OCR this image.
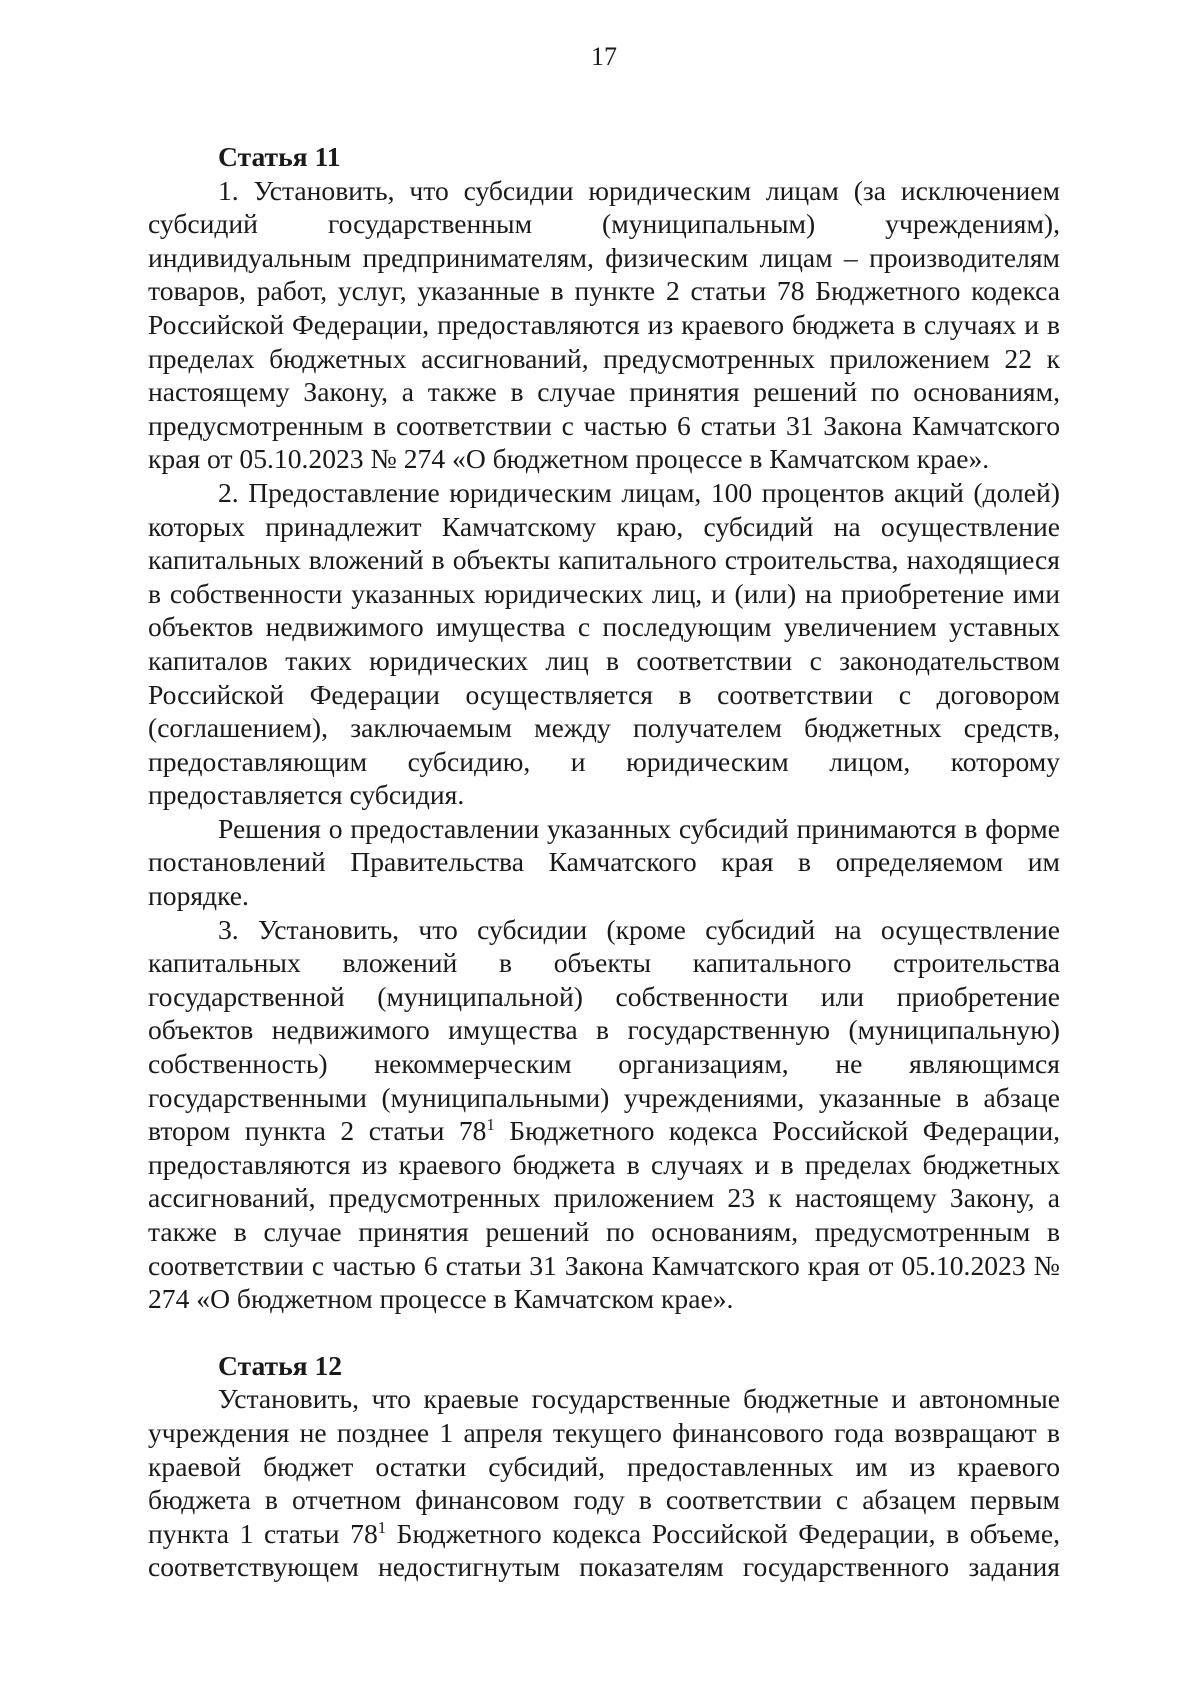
17
Статья 11

1. Установить, что субсидии юридическим лицам (за исключением субсидий государственным (муниципальным) учреждениям), индивидуальным предпринимателям, физическим лицам – производителям товаров, работ, услуг, указанные в пункте 2 статьи 78 Бюджетного кодекса Российской Федерации, предоставляются из краевого бюджета в случаях и в пределах бюджетных ассигнований, предусмотренных приложением 22 к настоящему Закону, а также в случае принятия решений по основаниям, предусмотренным в соответствии с частью 6 статьи 31 Закона Камчатского края от 05.10.2023 № 274 «О бюджетном процессе в Камчатском крае».

2. Предоставление юридическим лицам, 100 процентов акций (долей) которых принадлежит Камчатскому краю, субсидий на осуществление капитальных вложений в объекты капитального строительства, находящиеся в собственности указанных юридических лиц, и (или) на приобретение ими объектов недвижимого имущества с последующим увеличением уставных капиталов таких юридических лиц в соответствии с законодательством Российской Федерации осуществляется в соответствии с договором (соглашением), заключаемым между получателем бюджетных средств, предоставляющим субсидию, и юридическим лицом, которому предоставляется субсидия.

Решения о предоставлении указанных субсидий принимаются в форме постановлений Правительства Камчатского края в определяемом им порядке.

3. Установить, что субсидии (кроме субсидий на осуществление капитальных вложений в объекты капитального строительства государственной (муниципальной) собственности или приобретение объектов недвижимого имущества в государственную (муниципальную) собственность) некоммерческим организациям, не являющимся государственными (муниципальными) учреждениями, указанные в абзаце втором пункта 2 статьи $78^1$ Бюджетного кодекса Российской Федерации, предоставляются из краевого бюджета в случаях и в пределах бюджетных ассигнований, предусмотренных приложением 23 к настоящему Закону, а также в случае принятия решений по основаниям, предусмотренным в соответствии с частью 6 статьи 31 Закона Камчатского края от 05.10.2023 № 274 «О бюджетном процессе в Камчатском крае».

Статья 12

Установить, что краевые государственные бюджетные и автономные учреждения не позднее 1 апреля текущего финансового года возвращают в краевой бюджет остатки субсидий, предоставленных им из краевого бюджета в отчетном финансовом году в соответствии с абзацем первым пункта 1 статьи $78^1$ Бюджетного кодекса Российской Федерации, в объеме, соответствующем недостигнутым показателям государственного задания
